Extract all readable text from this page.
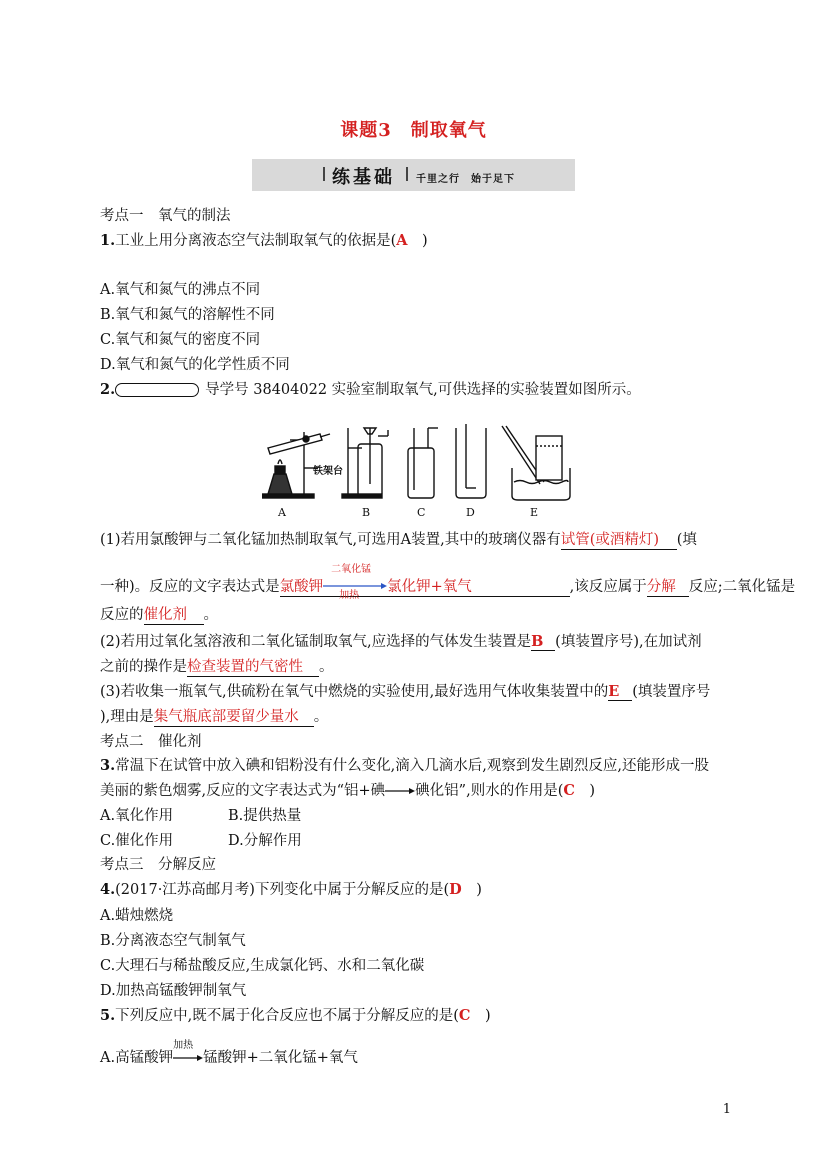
课题3　制取氧气
练基础 千里之行　始于足下
考点一　氧气的制法
1.工业上用分离液态空气法制取氧气的依据是(A　)
A.氧气和氮气的沸点不同
B.氧气和氮气的溶解性不同
C.氧气和氮气的密度不同
D.氧气和氮气的化学性质不同
2.	导学号 38404022 实验室制取氧气,可供选择的实验装置如图所示。
铁架台
A	B	C	D	E
(1)若用氯酸钾与二氧化锰加热制取氧气,可选用A装置,其中的玻璃仪器有试管(或酒精灯) (填
一种)。反应的文字表达式是氯酸钾
二氧化锰
加热
氯化钾+氧气	,该反应属于分解 反应;二氧化锰是
反应的催化剂 。
(2)若用过氧化氢溶液和二氧化锰制取氧气,应选择的气体发生装置是B (填装置序号),在加试剂
之前的操作是检查装置的气密性 。
(3)若收集一瓶氧气,供硫粉在氧气中燃烧的实验使用,最好选用气体收集装置中的E (填装置序号
),理由是集气瓶底部要留少量水 。
考点二　催化剂
3.常温下在试管中放入碘和铝粉没有什么变化,滴入几滴水后,观察到发生剧烈反应,还能形成一股
美丽的紫色烟雾,反应的文字表达式为“铝+碘→碘化铝”,则水的作用是(C　)
A.氧化作用	B.提供热量
C.催化作用	D.分解作用
考点三　分解反应
4.(2017·江苏高邮月考)下列变化中属于分解反应的是(D　)
A.蜡烛燃烧
B.分离液态空气制氧气
C.大理石与稀盐酸反应,生成氯化钙、水和二氧化碳
D.加热高锰酸钾制氧气
5.下列反应中,既不属于化合反应也不属于分解反应的是(C　)
A.高锰酸钾
加热
锰酸钾+二氧化锰+氧气
1
